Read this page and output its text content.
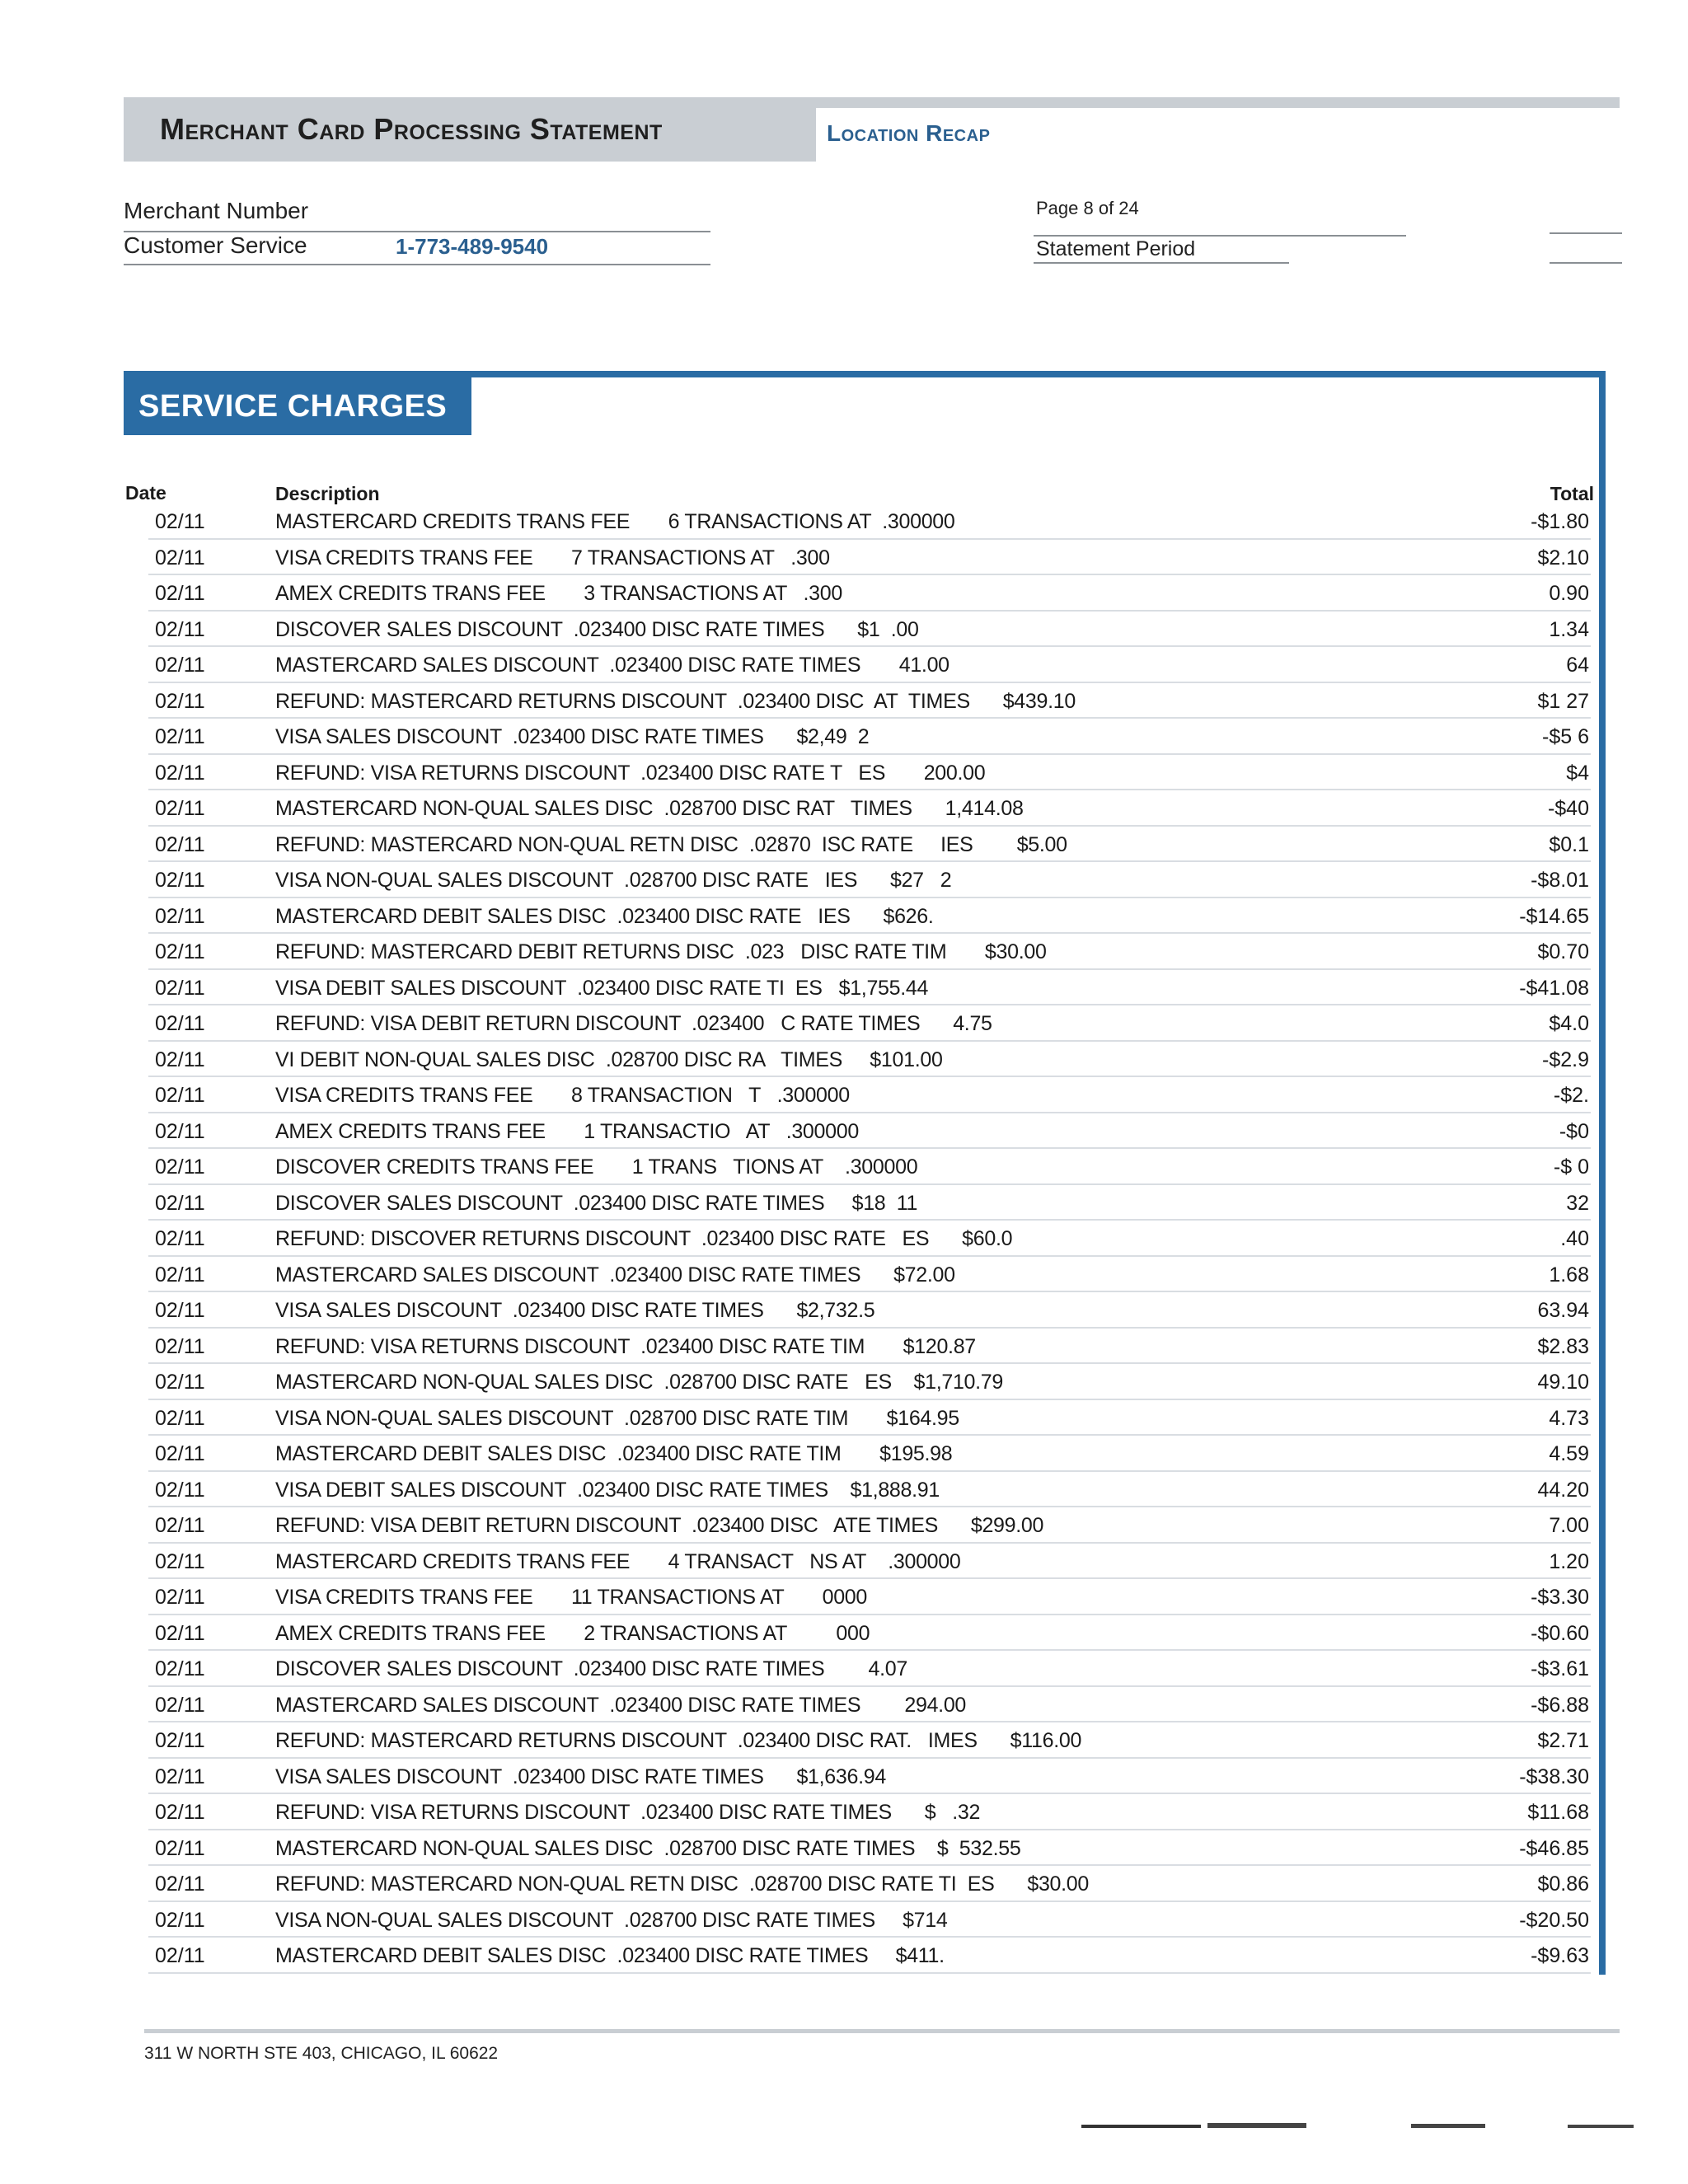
Merchant Card Processing Statement	Location Recap
Merchant Number
Customer Service	1-773-489-9540
Page 8 of 24
Statement Period
SERVICE CHARGES
Date	Description	Total
02/11	MASTERCARD CREDITS TRANS FEE       6 TRANSACTIONS AT  .300000	-$1.80
02/11	VISA CREDITS TRANS FEE       7 TRANSACTIONS AT   .300	$2.10
02/11	AMEX CREDITS TRANS FEE       3 TRANSACTIONS AT   .300	0.90
02/11	DISCOVER SALES DISCOUNT  .023400 DISC RATE TIMES      $1  .00	1.34
02/11	MASTERCARD SALES DISCOUNT  .023400 DISC RATE TIMES       41.00	64
02/11	REFUND: MASTERCARD RETURNS DISCOUNT  .023400 DISC  AT  TIMES      $439.10	$1 27
02/11	VISA SALES DISCOUNT  .023400 DISC RATE TIMES      $2,49  2	-$5 6
02/11	REFUND: VISA RETURNS DISCOUNT  .023400 DISC RATE T   ES       200.00	$4
02/11	MASTERCARD NON-QUAL SALES DISC  .028700 DISC RAT   TIMES      1,414.08	-$40
02/11	REFUND: MASTERCARD NON-QUAL RETN DISC  .02870  ISC RATE     IES        $5.00	$0.1
02/11	VISA NON-QUAL SALES DISCOUNT  .028700 DISC RATE   IES      $27   2	-$8.01
02/11	MASTERCARD DEBIT SALES DISC  .023400 DISC RATE   IES      $626.	-$14.65
02/11	REFUND: MASTERCARD DEBIT RETURNS DISC  .023   DISC RATE TIM       $30.00	$0.70
02/11	VISA DEBIT SALES DISCOUNT  .023400 DISC RATE TI  ES   $1,755.44	-$41.08
02/11	REFUND: VISA DEBIT RETURN DISCOUNT  .023400   C RATE TIMES      4.75	$4.0
02/11	VI DEBIT NON-QUAL SALES DISC  .028700 DISC RA   TIMES     $101.00	-$2.9
02/11	VISA CREDITS TRANS FEE       8 TRANSACTION   T   .300000	-$2.
02/11	AMEX CREDITS TRANS FEE       1 TRANSACTIO   AT   .300000	-$0
02/11	DISCOVER CREDITS TRANS FEE       1 TRANS   TIONS AT    .300000	-$ 0
02/11	DISCOVER SALES DISCOUNT  .023400 DISC RATE TIMES     $18  11	32
02/11	REFUND: DISCOVER RETURNS DISCOUNT  .023400 DISC RATE   ES      $60.0	.40
02/11	MASTERCARD SALES DISCOUNT  .023400 DISC RATE TIMES      $72.00	1.68
02/11	VISA SALES DISCOUNT  .023400 DISC RATE TIMES      $2,732.5	63.94
02/11	REFUND: VISA RETURNS DISCOUNT  .023400 DISC RATE TIM       $120.87	$2.83
02/11	MASTERCARD NON-QUAL SALES DISC  .028700 DISC RATE   ES    $1,710.79	49.10
02/11	VISA NON-QUAL SALES DISCOUNT  .028700 DISC RATE TIM       $164.95	4.73
02/11	MASTERCARD DEBIT SALES DISC  .023400 DISC RATE TIM       $195.98	4.59
02/11	VISA DEBIT SALES DISCOUNT  .023400 DISC RATE TIMES    $1,888.91	44.20
02/11	REFUND: VISA DEBIT RETURN DISCOUNT  .023400 DISC   ATE TIMES      $299.00	7.00
02/11	MASTERCARD CREDITS TRANS FEE       4 TRANSACT   NS AT    .300000	1.20
02/11	VISA CREDITS TRANS FEE       11 TRANSACTIONS AT       0000	-$3.30
02/11	AMEX CREDITS TRANS FEE       2 TRANSACTIONS AT         000	-$0.60
02/11	DISCOVER SALES DISCOUNT  .023400 DISC RATE TIMES        4.07	-$3.61
02/11	MASTERCARD SALES DISCOUNT  .023400 DISC RATE TIMES        294.00	-$6.88
02/11	REFUND: MASTERCARD RETURNS DISCOUNT  .023400 DISC RAT.   IMES      $116.00	$2.71
02/11	VISA SALES DISCOUNT  .023400 DISC RATE TIMES      $1,636.94	-$38.30
02/11	REFUND: VISA RETURNS DISCOUNT  .023400 DISC RATE TIMES      $   .32	$11.68
02/11	MASTERCARD NON-QUAL SALES DISC  .028700 DISC RATE TIMES    $  532.55	-$46.85
02/11	REFUND: MASTERCARD NON-QUAL RETN DISC  .028700 DISC RATE TI  ES      $30.00	$0.86
02/11	VISA NON-QUAL SALES DISCOUNT  .028700 DISC RATE TIMES     $714	-$20.50
02/11	MASTERCARD DEBIT SALES DISC  .023400 DISC RATE TIMES     $411.	-$9.63
311 W NORTH STE 403, CHICAGO, IL 60622
